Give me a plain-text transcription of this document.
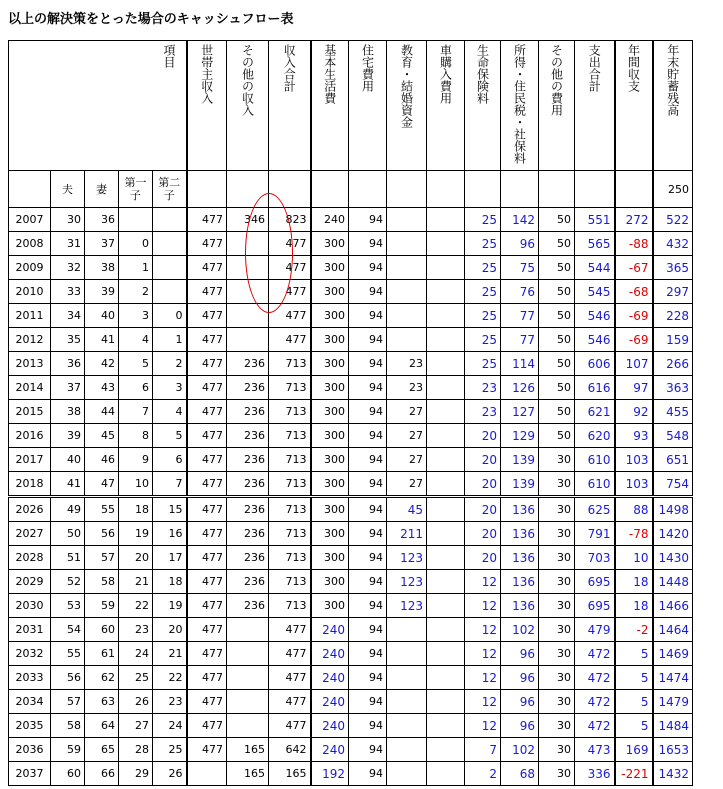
以上の解決策をとった場合のキャッシュフロー表
				項目	世帯主収入	その他の収入	収入合計	基本生活費	住宅費用	教育・結婚資金	車購入費用	生命保険料	所得・住民税・社保料	その他の費用	支出合計	年間収支	年末貯蓄残高
	夫	妻	第一子	第二子													250
2007	30	36			477	346	823	240	94			25	142	50	551	272	522
2008	31	37	0		477		477	300	94			25	96	50	565	-88	432
2009	32	38	1		477		477	300	94			25	75	50	544	-67	365
2010	33	39	2		477		477	300	94			25	76	50	545	-68	297
2011	34	40	3	0	477		477	300	94			25	77	50	546	-69	228
2012	35	41	4	1	477		477	300	94			25	77	50	546	-69	159
2013	36	42	5	2	477	236	713	300	94	23		25	114	50	606	107	266
2014	37	43	6	3	477	236	713	300	94	23		23	126	50	616	97	363
2015	38	44	7	4	477	236	713	300	94	27		23	127	50	621	92	455
2016	39	45	8	5	477	236	713	300	94	27		20	129	50	620	93	548
2017	40	46	9	6	477	236	713	300	94	27		20	139	30	610	103	651
2018	41	47	10	7	477	236	713	300	94	27		20	139	30	610	103	754
2026	49	55	18	15	477	236	713	300	94	45		20	136	30	625	88	1498
2027	50	56	19	16	477	236	713	300	94	211		20	136	30	791	-78	1420
2028	51	57	20	17	477	236	713	300	94	123		20	136	30	703	10	1430
2029	52	58	21	18	477	236	713	300	94	123		12	136	30	695	18	1448
2030	53	59	22	19	477	236	713	300	94	123		12	136	30	695	18	1466
2031	54	60	23	20	477		477	240	94			12	102	30	479	-2	1464
2032	55	61	24	21	477		477	240	94			12	96	30	472	5	1469
2033	56	62	25	22	477		477	240	94			12	96	30	472	5	1474
2034	57	63	26	23	477		477	240	94			12	96	30	472	5	1479
2035	58	64	27	24	477		477	240	94			12	96	30	472	5	1484
2036	59	65	28	25	477	165	642	240	94			7	102	30	473	169	1653
2037	60	66	29	26		165	165	192	94			2	68	30	336	-221	1432
